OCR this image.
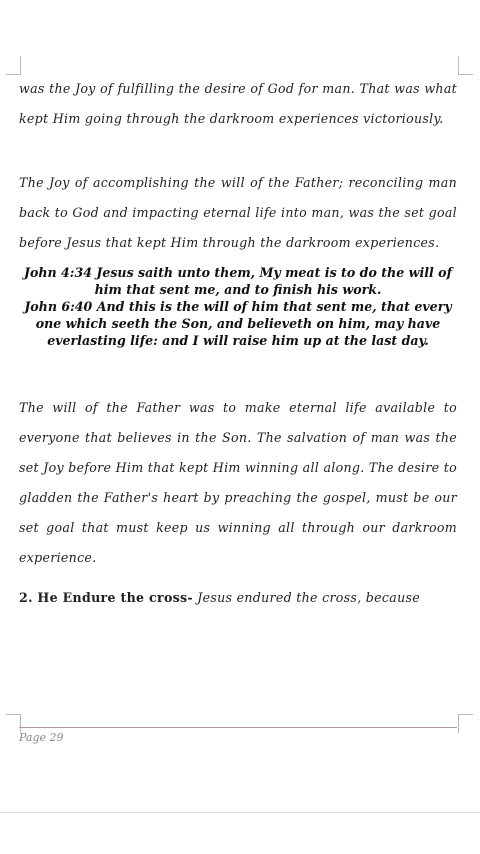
was the Joy of fulfilling the desire of God for man. That was what kept Him going through the darkroom experiences victoriously.

The Joy of accomplishing the will of the Father; reconciling man back to God and impacting eternal life into man, was the set goal before Jesus that kept Him through the darkroom experiences.

John 4:34 Jesus saith unto them, My meat is to do the will of him that sent me, and to finish his work.
John 6:40 And this is the will of him that sent me, that every one which seeth the Son, and believeth on him, may have everlasting life: and I will raise him up at the last day.

The will of the Father was to make eternal life available to everyone that believes in the Son. The salvation of man was the set Joy before Him that kept Him winning all along. The desire to gladden the Father's heart by preaching the gospel, must be our set goal that must keep us winning all through our darkroom experience.

2. He Endure the cross- Jesus endured the cross, because

Page 29
